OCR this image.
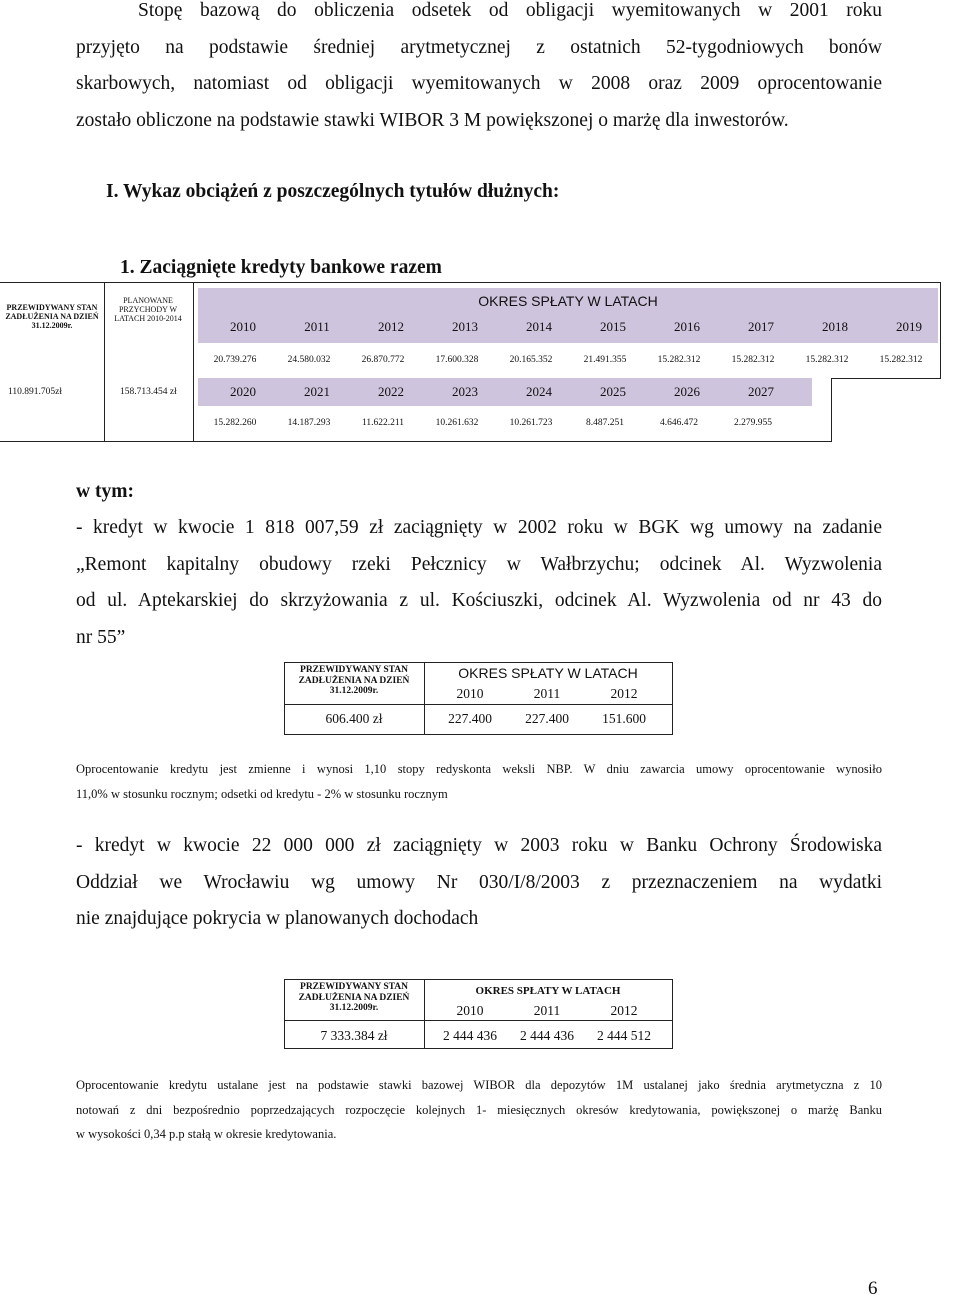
Stopę bazową do obliczenia odsetek od obligacji wyemitowanych w 2001 roku
przyjęto na podstawie średniej arytmetycznej z ostatnich 52-tygodniowych bonów
skarbowych, natomiast od obligacji wyemitowanych w 2008 oraz 2009 oprocentowanie
zostało obliczone na podstawie stawki WIBOR 3 M powiększonej o marżę dla inwestorów.
I. Wykaz obciążeń z poszczególnych tytułów dłużnych:
1. Zaciągnięte kredyty bankowe razem
PRZEWIDYWANY STAN ZADŁUŻENIA NA DZIEŃ 31.12.2009r.
PLANOWANE PRZYCHODY W LATACH 2010-2014
OKRES SPŁATY W LATACH
2010	2011	2012	2013	2014	2015	2016	2017	2018	2019
20.739.276	24.580.032	26.870.772	17.600.328	20.165.352	21.491.355	15.282.312	15.282.312	15.282.312	15.282.312
110.891.705zł	158.713.454 zł	2020	2021	2022	2023	2024	2025	2026	2027
15.282.260	14.187.293	11.622.211	10.261.632	10.261.723	8.487.251	4.646.472	2.279.955
w tym:
- kredyt w kwocie 1 818 007,59 zł zaciągnięty w 2002 roku w BGK wg umowy na zadanie
„Remont kapitalny obudowy rzeki Pełcznicy w Wałbrzychu; odcinek Al. Wyzwolenia
od ul. Aptekarskiej do skrzyżowania z ul. Kościuszki, odcinek Al. Wyzwolenia od nr 43 do
nr 55”
PRZEWIDYWANY STAN ZADŁUŻENIA NA DZIEŃ 31.12.2009r.
OKRES SPŁATY W LATACH
2010	2011	2012
606.400 zł	227.400	227.400	151.600
Oprocentowanie kredytu jest zmienne i wynosi 1,10 stopy redyskonta weksli NBP. W dniu zawarcia umowy oprocentowanie wynosiło
11,0% w stosunku rocznym; odsetki od kredytu - 2% w stosunku rocznym
- kredyt w kwocie 22 000 000 zł zaciągnięty w 2003 roku w Banku Ochrony Środowiska
Oddział we Wrocławiu wg umowy Nr 030/I/8/2003 z przeznaczeniem na wydatki
nie znajdujące pokrycia w planowanych dochodach
PRZEWIDYWANY STAN ZADŁUŻENIA NA DZIEŃ 31.12.2009r.
OKRES SPŁATY W LATACH
2010	2011	2012
7 333.384 zł	2 444 436	2 444 436	2 444 512
Oprocentowanie kredytu ustalane jest na podstawie stawki bazowej WIBOR dla depozytów 1M ustalanej jako średnia arytmetyczna z 10
notowań z dni bezpośrednio poprzedzających rozpoczęcie kolejnych 1- miesięcznych okresów kredytowania, powiększonej o marżę Banku
w wysokości 0,34 p.p stałą w okresie kredytowania.
6
